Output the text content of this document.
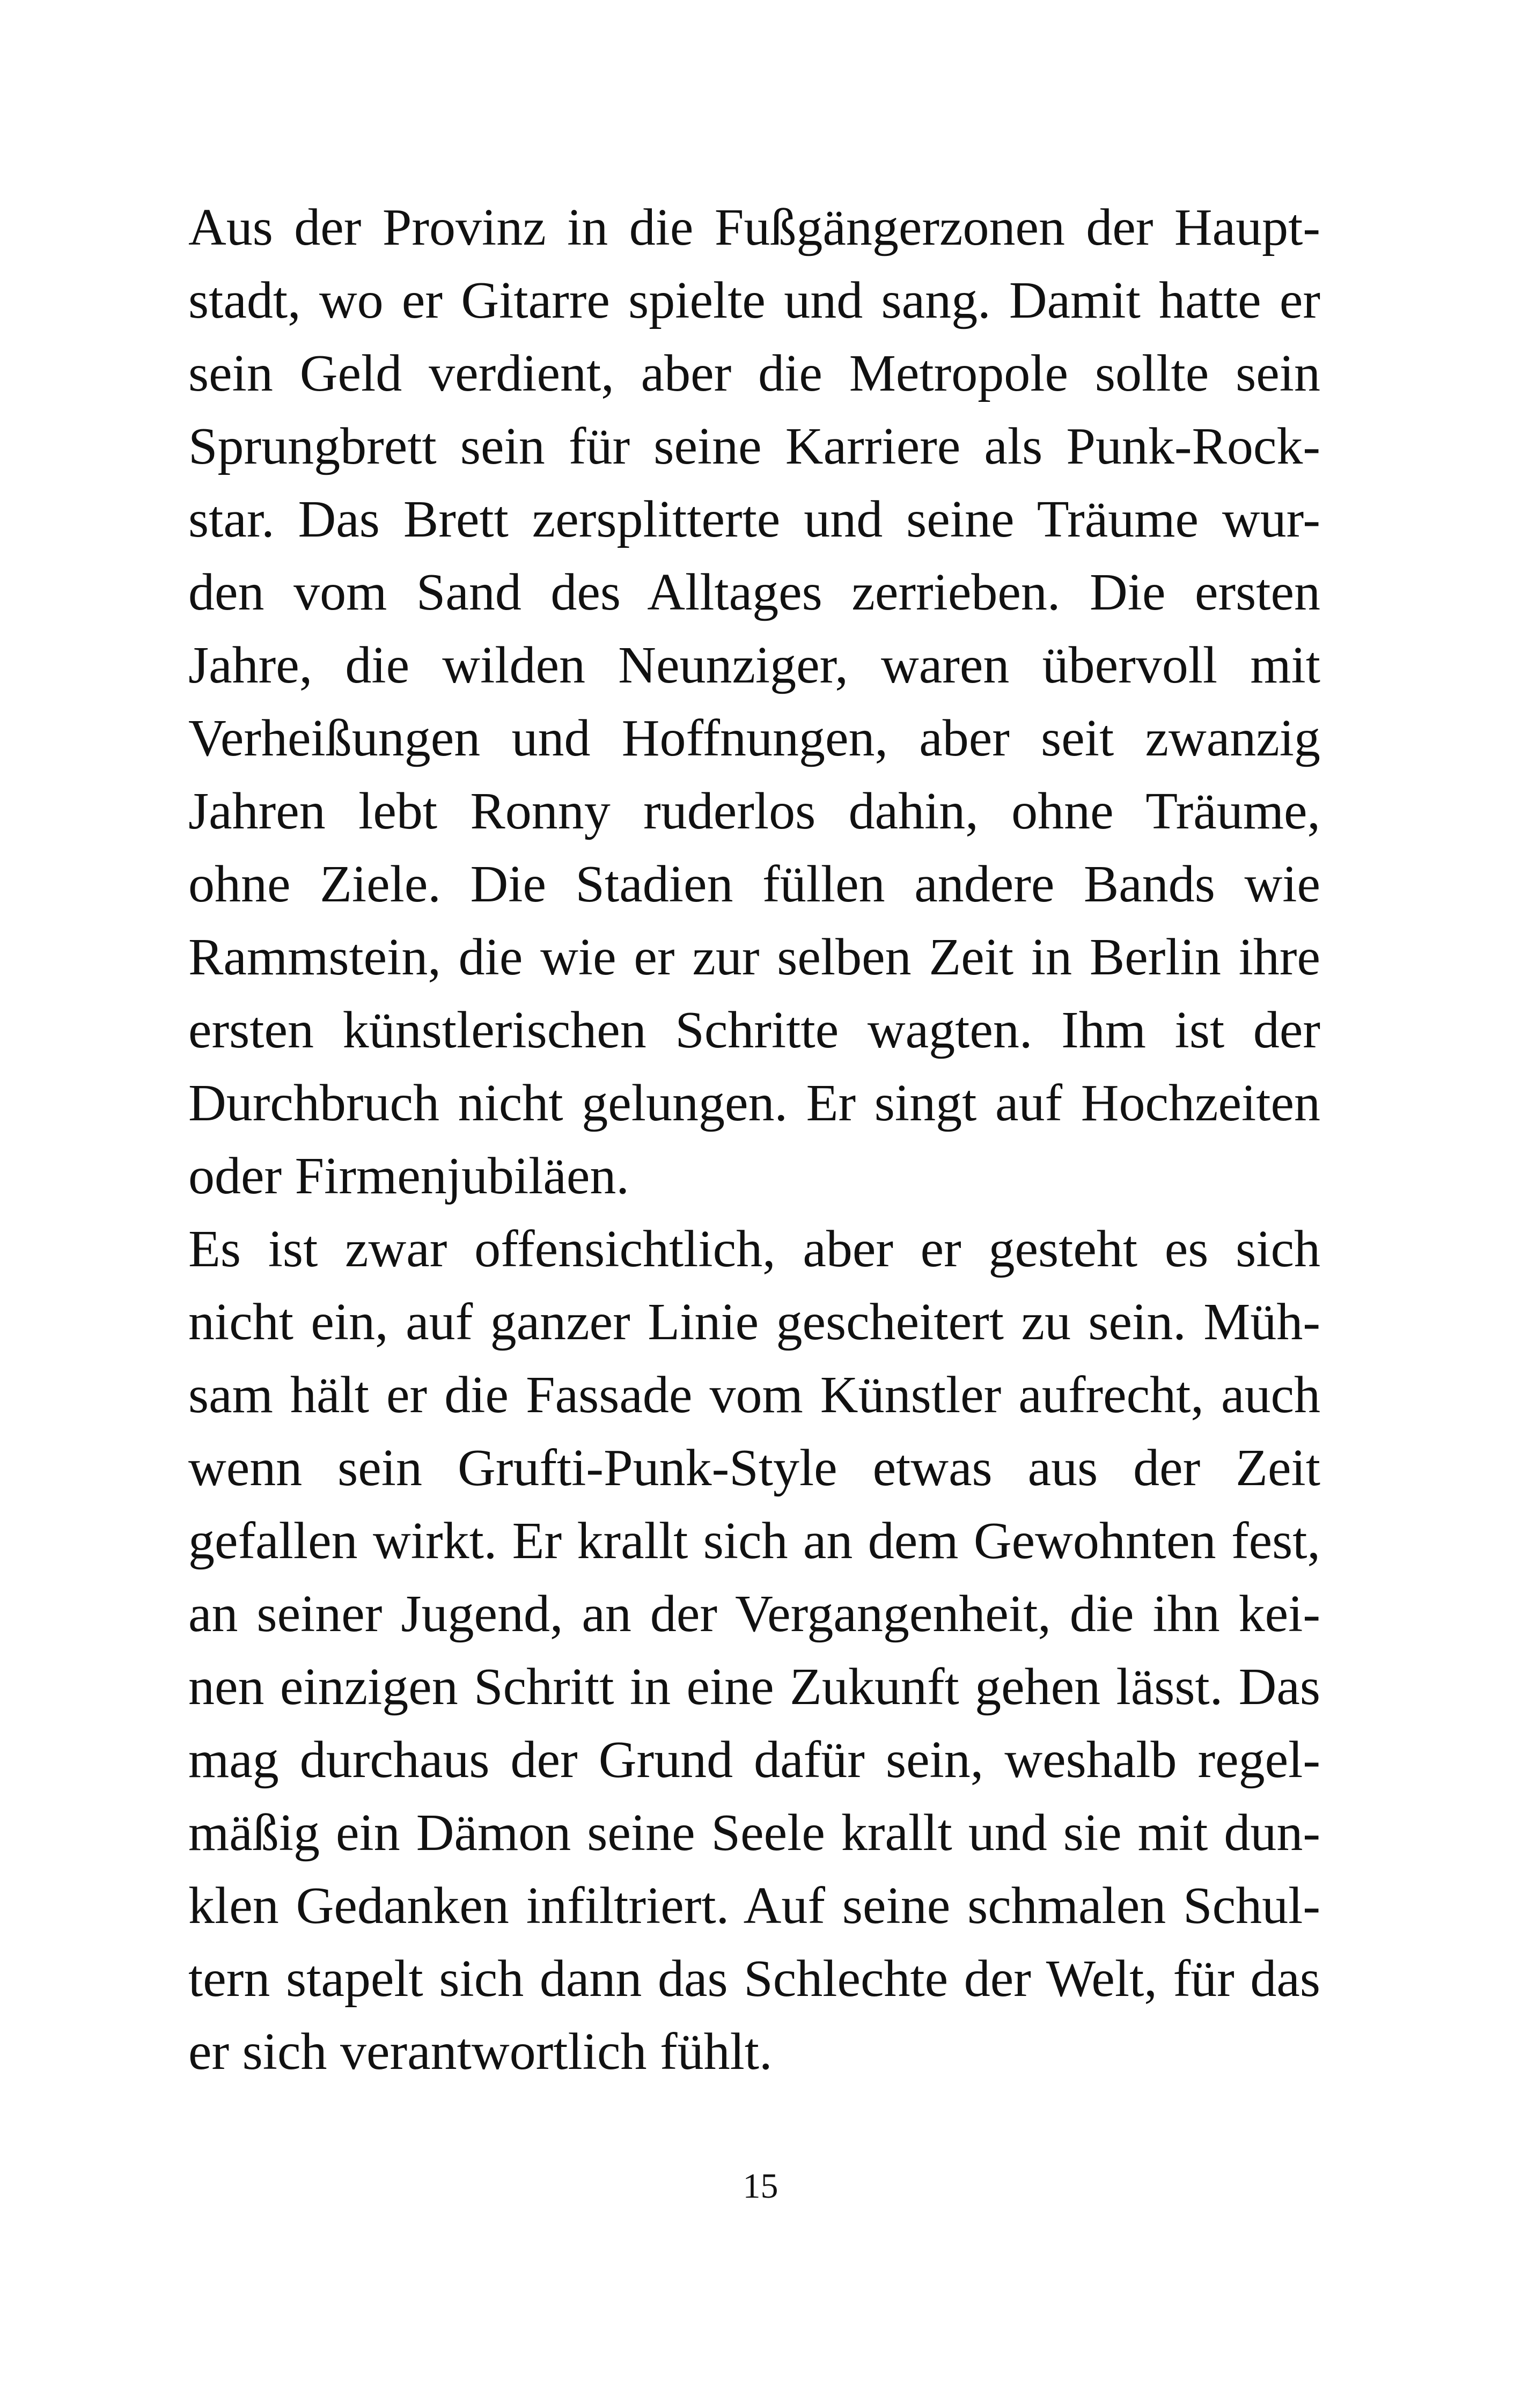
Aus der Provinz in die Fußgängerzonen der Haupt-
stadt, wo er Gitarre spielte und sang. Damit hatte er
sein Geld verdient, aber die Metropole sollte sein
Sprungbrett sein für seine Karriere als Punk-Rock-
star. Das Brett zersplitterte und seine Träume wur-
den vom Sand des Alltages zerrieben. Die ersten
Jahre, die wilden Neunziger, waren übervoll mit
Verheißungen und Hoffnungen, aber seit zwanzig
Jahren lebt Ronny ruderlos dahin, ohne Träume,
ohne Ziele. Die Stadien füllen andere Bands wie
Rammstein, die wie er zur selben Zeit in Berlin ihre
ersten künstlerischen Schritte wagten. Ihm ist der
Durchbruch nicht gelungen. Er singt auf Hochzeiten
oder Firmenjubiläen.
Es ist zwar offensichtlich, aber er gesteht es sich
nicht ein, auf ganzer Linie gescheitert zu sein. Müh-
sam hält er die Fassade vom Künstler aufrecht, auch
wenn sein Grufti-Punk-Style etwas aus der Zeit
gefallen wirkt. Er krallt sich an dem Gewohnten fest,
an seiner Jugend, an der Vergangenheit, die ihn kei-
nen einzigen Schritt in eine Zukunft gehen lässt. Das
mag durchaus der Grund dafür sein, weshalb regel-
mäßig ein Dämon seine Seele krallt und sie mit dun-
klen Gedanken infiltriert. Auf seine schmalen Schul-
tern stapelt sich dann das Schlechte der Welt, für das
er sich verantwortlich fühlt.
15
